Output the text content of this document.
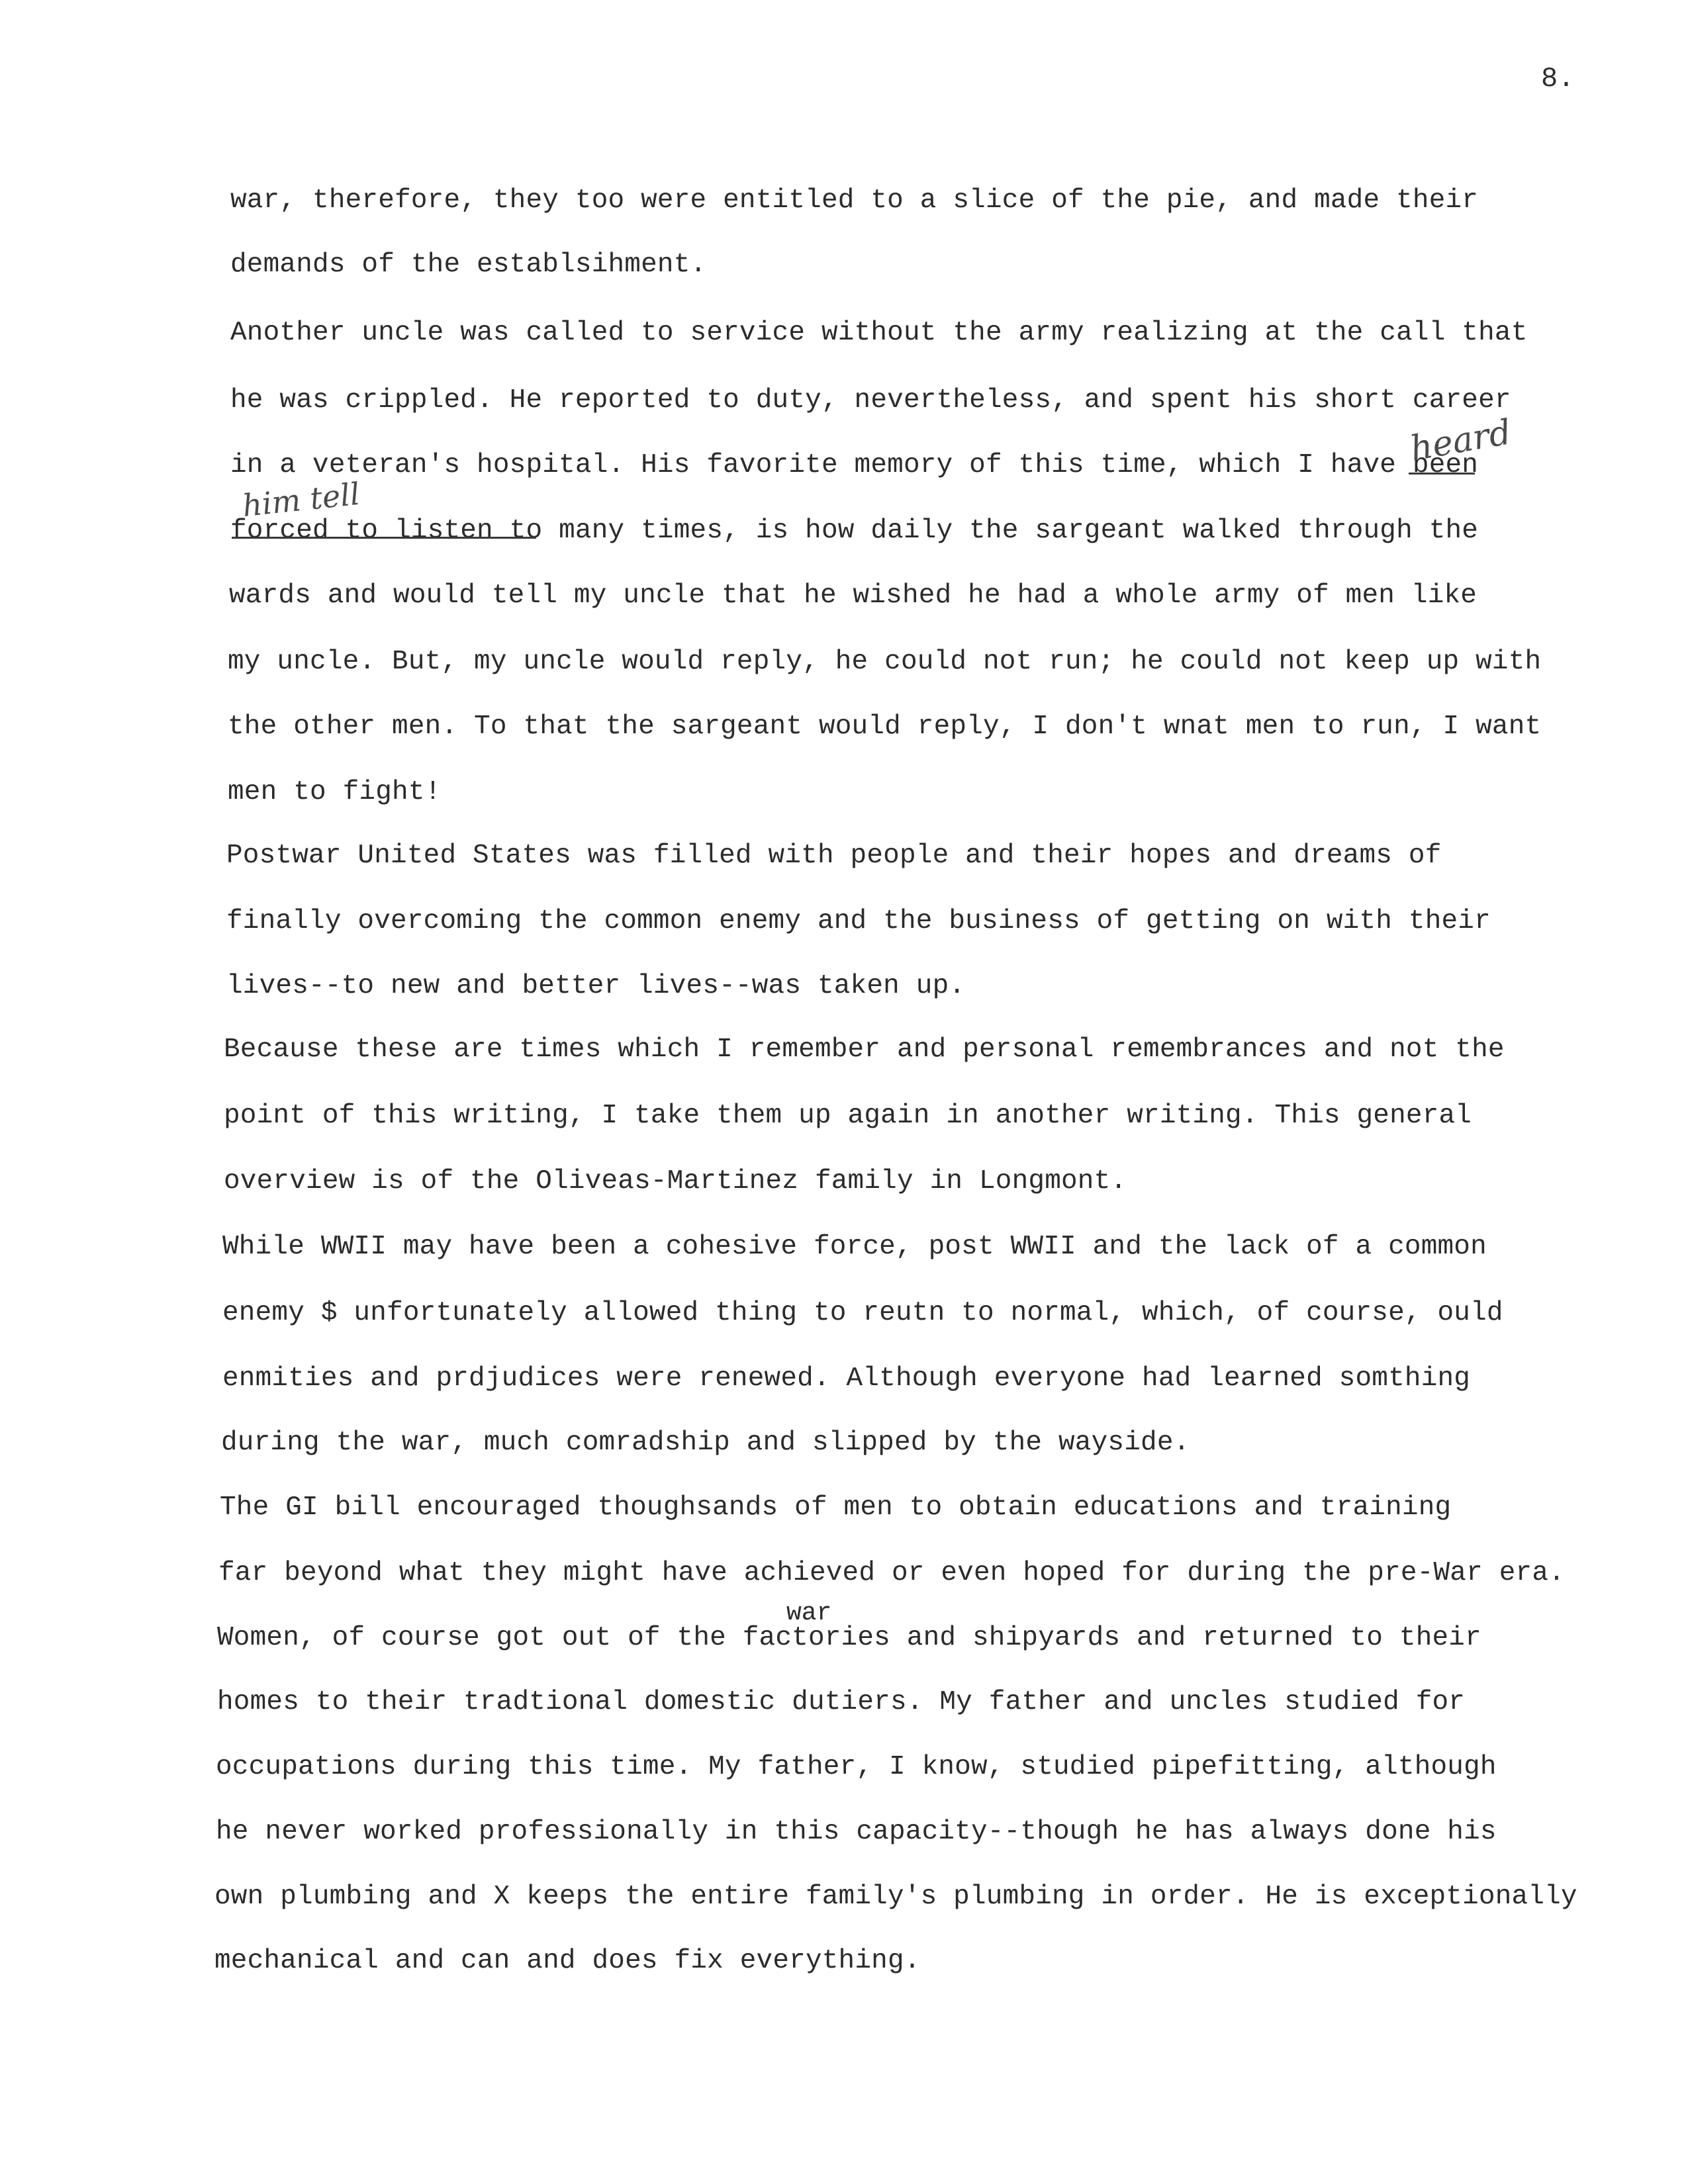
8.
war, therefore, they too were entitled to a slice of the pie, and made their
demands of the establsihment.
Another uncle was called to service without the army realizing at the call that
he was crippled. He reported to duty, nevertheless, and spent his short career
in a veteran's hospital. His favorite memory of this time, which I have been
forced to listen to many times, is how daily the sargeant walked through the
wards and would tell my uncle that he wished he had a whole army of men like
my uncle. But, my uncle would reply, he could not run; he could not keep up with
the other men. To that the sargeant would reply, I don't wnat men to run, I want
men to fight!
Postwar United States was filled with people and their hopes and dreams of
finally overcoming the common enemy and the business of getting on with their
lives--to new and better lives--was taken up.
Because these are times which I remember and personal remembrances and not the
point of this writing, I take them up again in another writing. This general
overview is of the Oliveas-Martinez family in Longmont.
While WWII may have been a cohesive force, post WWII and the lack of a common
enemy $ unfortunately allowed thing to reutn to normal, which, of course, ould
enmities and prdjudices were renewed. Although everyone had learned somthing
during the war, much comradship and slipped by the wayside.
The GI bill encouraged thoughsands of men to obtain educations and training
far beyond what they might have achieved or even hoped for during the pre-War era.
Women, of course got out of the factories and shipyards and returned to their
homes to their tradtional domestic dutiers. My father and uncles studied for
occupations during this time. My father, I know, studied pipefitting, although
he never worked professionally in this capacity--though he has always done his
own plumbing and X keeps the entire family's plumbing in order. He is exceptionally
mechanical and can and does fix everything.
heard
him tell
war
